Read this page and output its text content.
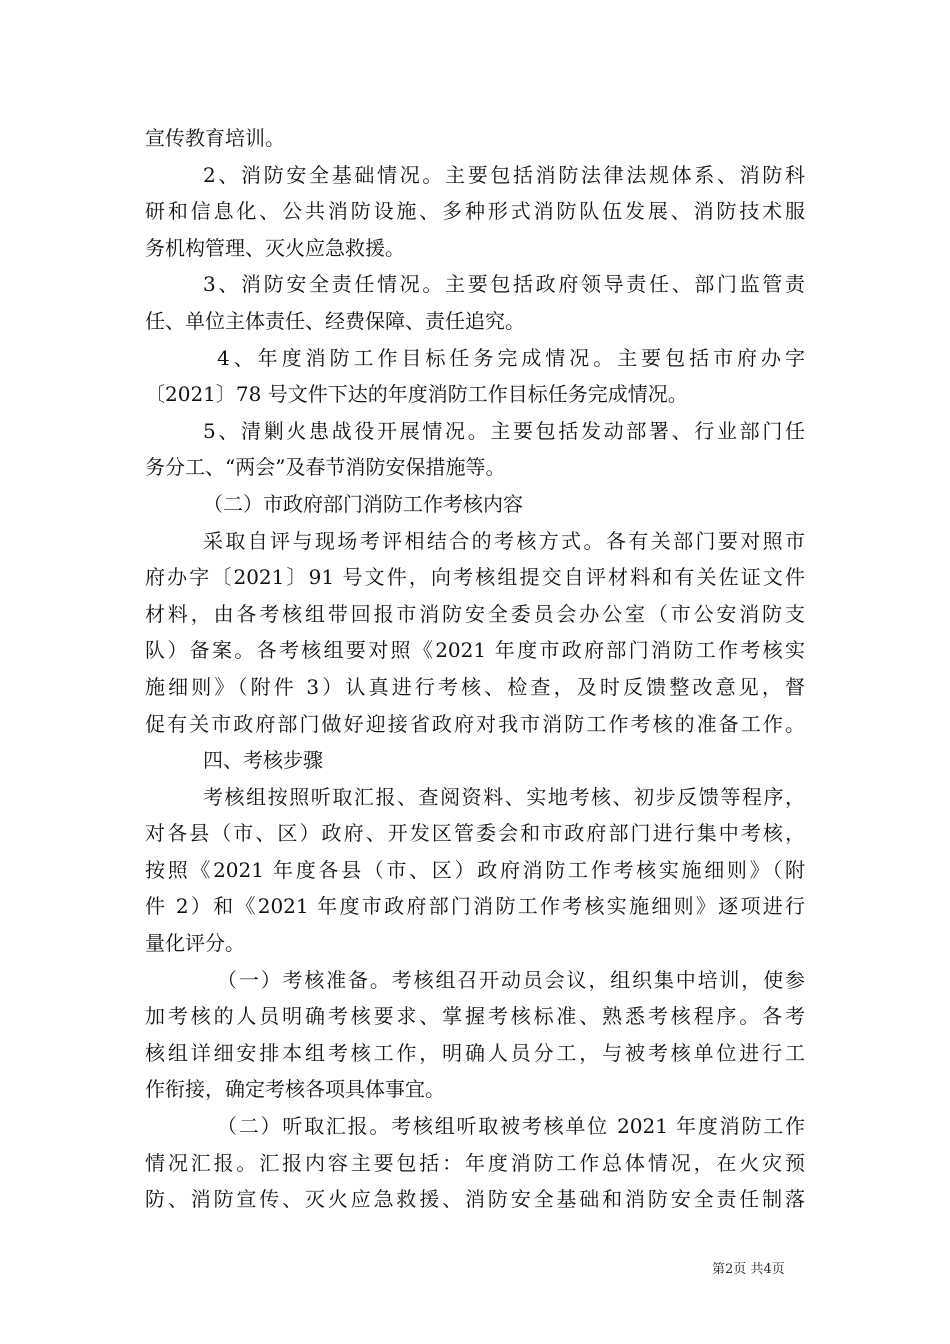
宣传教育培训。
2、消防安全基础情况。主要包括消防法律法规体系、消防科
研和信息化、公共消防设施、多种形式消防队伍发展、消防技术服
务机构管理、灭火应急救援。
3、消防安全责任情况。主要包括政府领导责任、部门监管责
任、单位主体责任、经费保障、责任追究。
4、年度消防工作目标任务完成情况。主要包括市府办字
〔2021〕78 号文件下达的年度消防工作目标任务完成情况。
5、清剿火患战役开展情况。主要包括发动部署、行业部门任
务分工、“两会”及春节消防安保措施等。
（二）市政府部门消防工作考核内容
采取自评与现场考评相结合的考核方式。各有关部门要对照市
府办字〔2021〕91 号文件，向考核组提交自评材料和有关佐证文件
材料，由各考核组带回报市消防安全委员会办公室（市公安消防支
队）备案。各考核组要对照《2021 年度市政府部门消防工作考核实
施细则》（附件 3）认真进行考核、检查，及时反馈整改意见，督
促有关市政府部门做好迎接省政府对我市消防工作考核的准备工作。
四、考核步骤
考核组按照听取汇报、查阅资料、实地考核、初步反馈等程序，
对各县（市、区）政府、开发区管委会和市政府部门进行集中考核，
按照《2021 年度各县（市、区）政府消防工作考核实施细则》（附
件 2）和《2021 年度市政府部门消防工作考核实施细则》逐项进行
量化评分。
（一）考核准备。考核组召开动员会议，组织集中培训，使参
加考核的人员明确考核要求、掌握考核标准、熟悉考核程序。各考
核组详细安排本组考核工作，明确人员分工，与被考核单位进行工
作衔接，确定考核各项具体事宜。
（二）听取汇报。考核组听取被考核单位 2021 年度消防工作
情况汇报。汇报内容主要包括：年度消防工作总体情况，在火灾预
防、消防宣传、灭火应急救援、消防安全基础和消防安全责任制落
第2页 共4页
